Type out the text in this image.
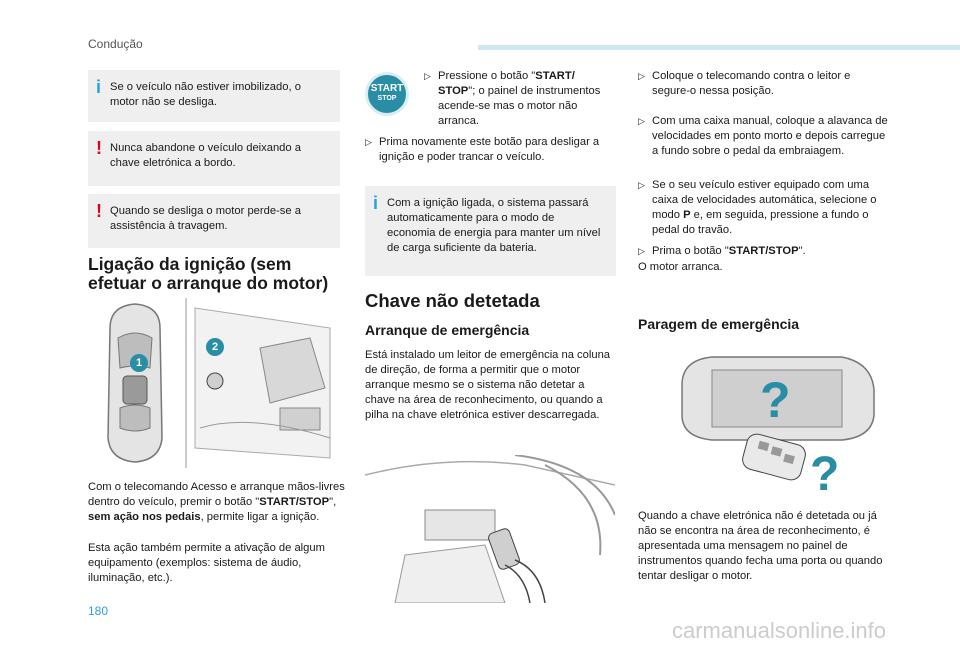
Condução
i Se o veículo não estiver imobilizado, o motor não se desliga.
! Nunca abandone o veículo deixando a chave eletrónica a bordo.
! Quando se desliga o motor perde-se a assistência à travagem.
Ligação da ignição (sem
efetuar o arranque do motor)
1
2
Com o telecomando Acesso e arranque mãos-livres dentro do veículo, premir o botão "START/STOP", sem ação nos pedais, permite ligar a ignição.
Esta ação também permite a ativação de algum equipamento (exemplos: sistema de áudio, iluminação, etc.).
START
STOP
▷ Pressione o botão "START/ STOP"; o painel de instrumentos acende-se mas o motor não arranca.
▷ Prima novamente este botão para desligar a ignição e poder trancar o veículo.
i Com a ignição ligada, o sistema passará automaticamente para o modo de economia de energia para manter um nível de carga suficiente da bateria.
Chave não detetada
Arranque de emergência
Está instalado um leitor de emergência na coluna de direção, de forma a permitir que o motor arranque mesmo se o sistema não detetar a chave na área de reconhecimento, ou quando a pilha na chave eletrónica estiver descarregada.
▷ Coloque o telecomando contra o leitor e segure-o nessa posição.
▷ Com uma caixa manual, coloque a alavanca de velocidades em ponto morto e depois carregue a fundo sobre o pedal da embraiagem.
▷ Se o seu veículo estiver equipado com uma caixa de velocidades automática, selecione o modo P e, em seguida, pressione a fundo o pedal do travão.
▷ Prima o botão "START/STOP".
O motor arranca.
Paragem de emergência
?
?
Quando a chave eletrónica não é detetada ou já não se encontra na área de reconhecimento, é apresentada uma mensagem no painel de instrumentos quando fecha uma porta ou quando tentar desligar o motor.
180
carmanualsonline.info
